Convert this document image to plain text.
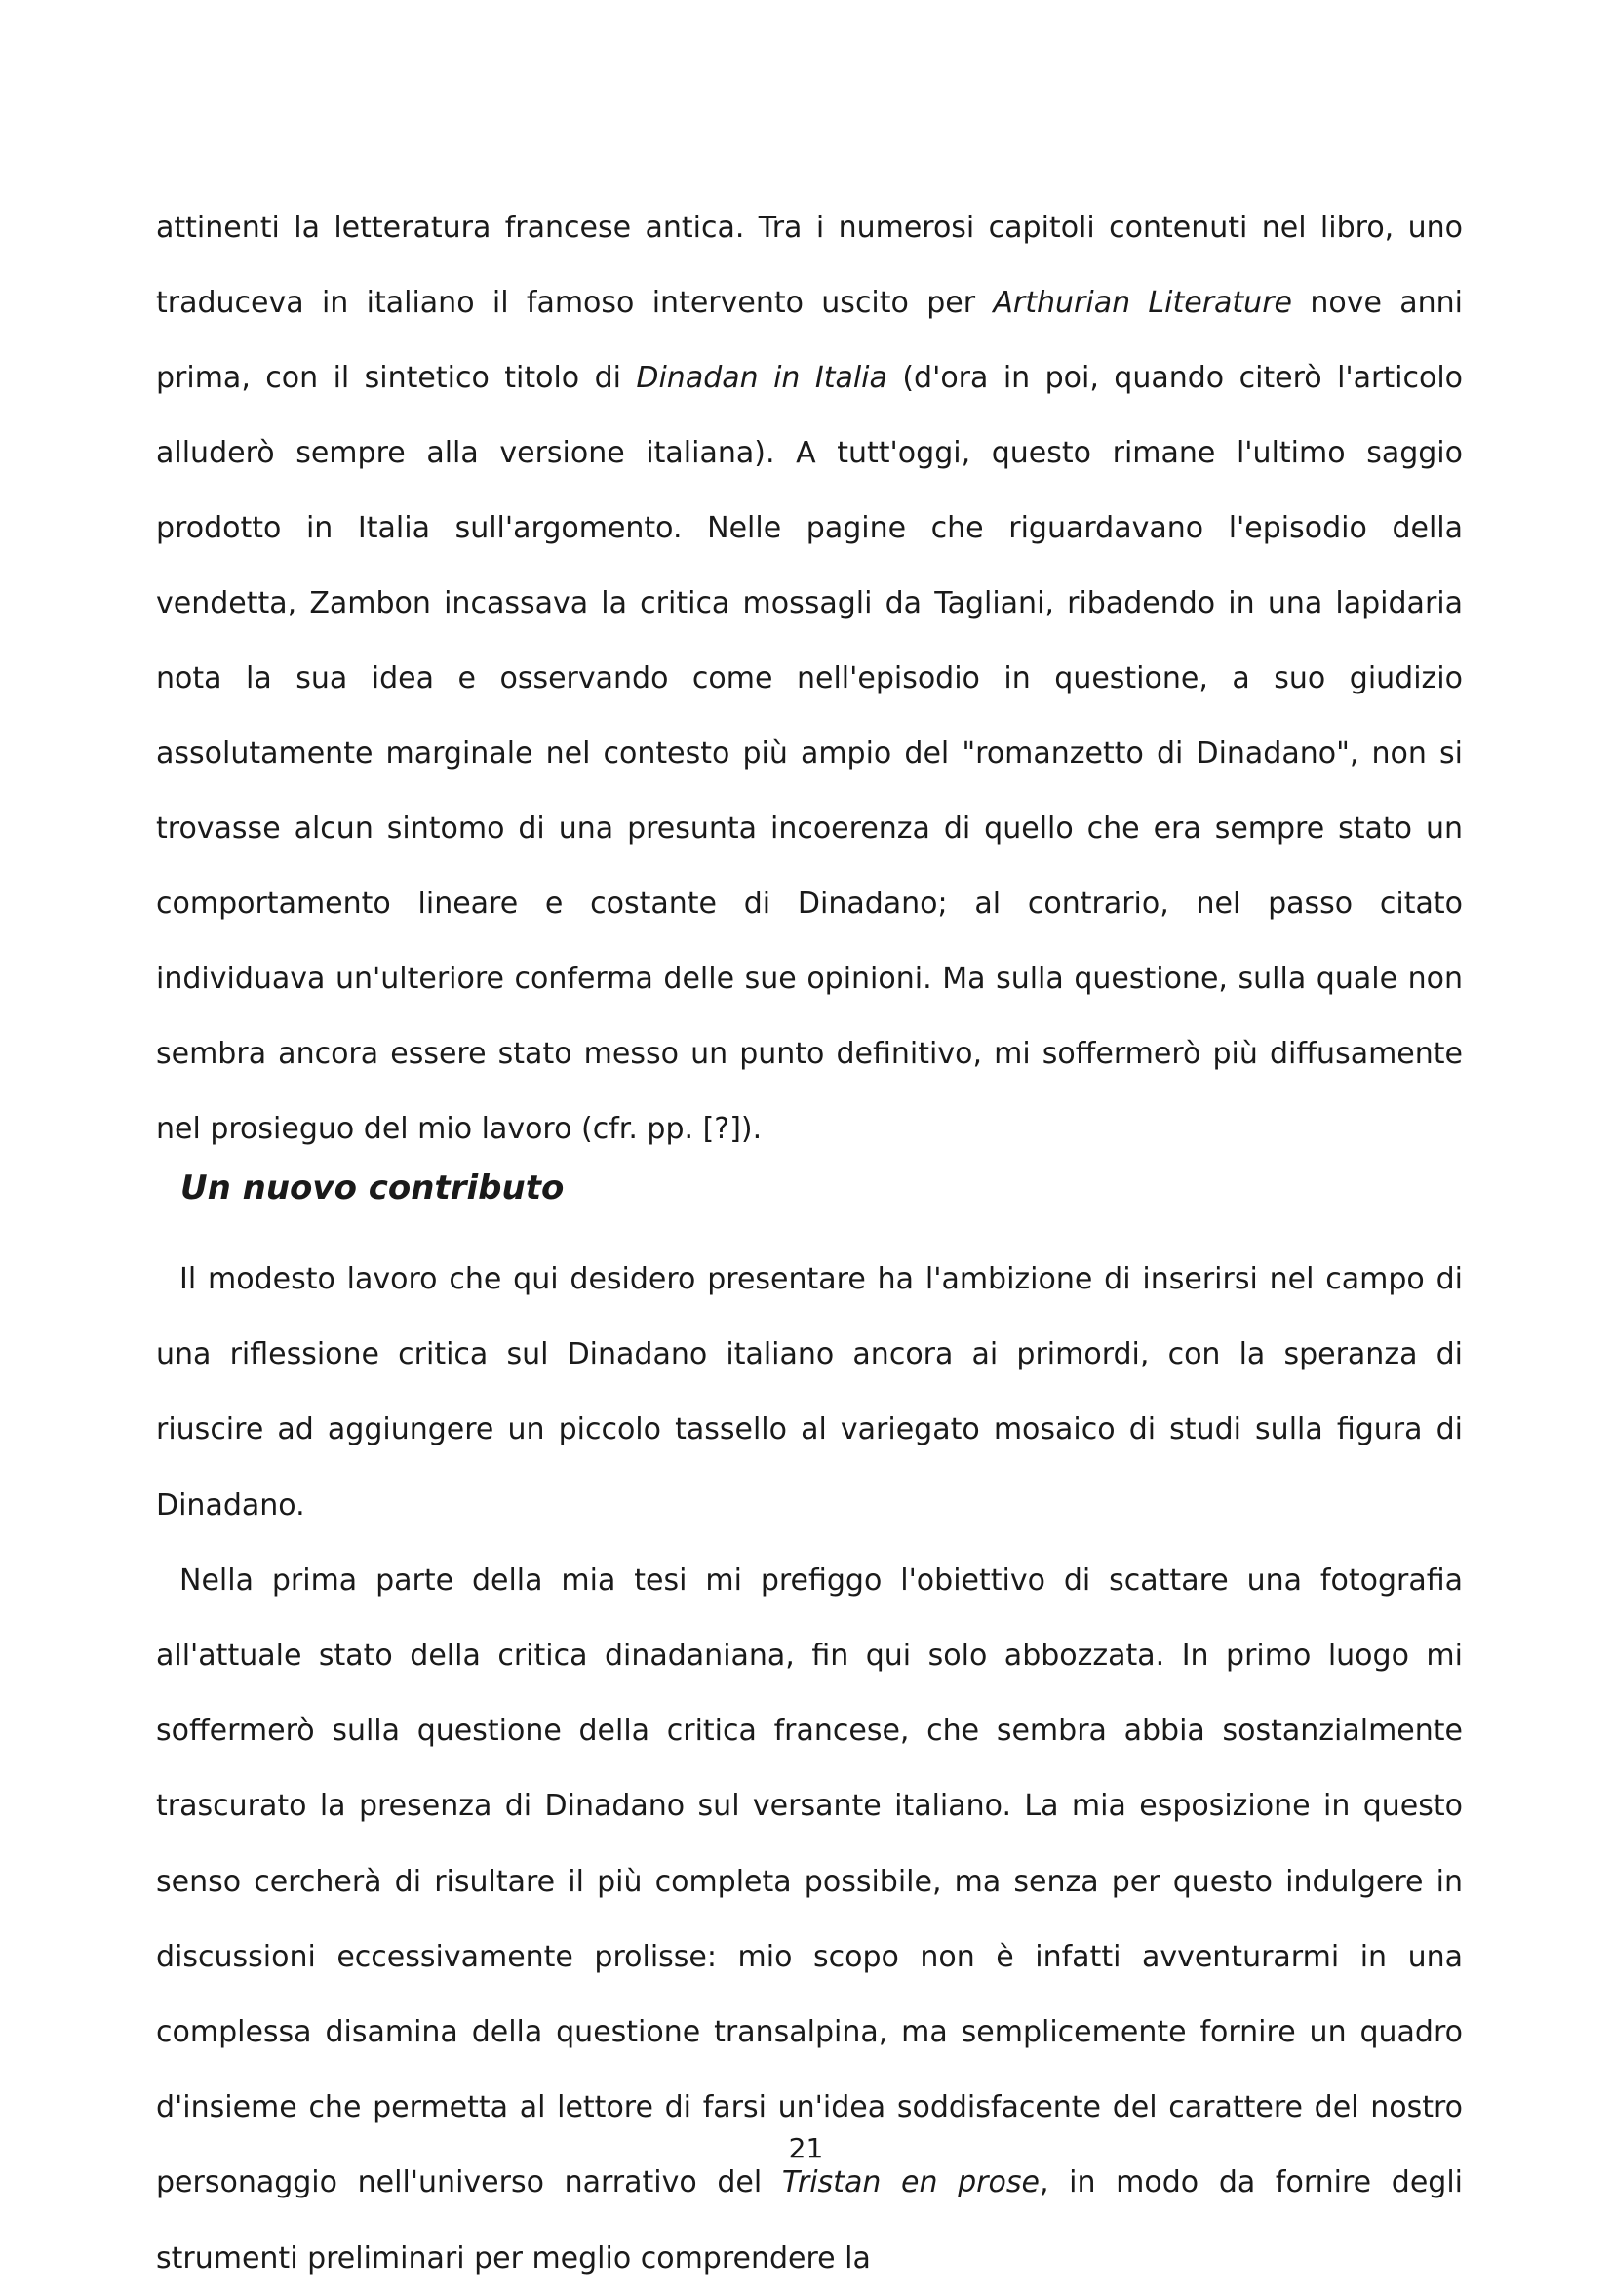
attinenti la letteratura francese antica. Tra i numerosi capitoli contenuti nel libro, uno traduceva in italiano il famoso intervento uscito per Arthurian Literature nove anni prima, con il sintetico titolo di Dinadan in Italia (d'ora in poi, quando citerò l'articolo alluderò sempre alla versione italiana). A tutt'oggi, questo rimane l'ultimo saggio prodotto in Italia sull'argomento. Nelle pagine che riguardavano l'episodio della vendetta, Zambon incassava la critica mossagli da Tagliani, ribadendo in una lapidaria nota la sua idea e osservando come nell'episodio in questione, a suo giudizio assolutamente marginale nel contesto più ampio del "romanzetto di Dinadano", non si trovasse alcun sintomo di una presunta incoerenza di quello che era sempre stato un comportamento lineare e costante di Dinadano; al contrario, nel passo citato individuava un'ulteriore conferma delle sue opinioni. Ma sulla questione, sulla quale non sembra ancora essere stato messo un punto definitivo, mi soffermerò più diffusamente nel prosieguo del mio lavoro (cfr. pp. [?]).

Un nuovo contributo

Il modesto lavoro che qui desidero presentare ha l'ambizione di inserirsi nel campo di una riflessione critica sul Dinadano italiano ancora ai primordi, con la speranza di riuscire ad aggiungere un piccolo tassello al variegato mosaico di studi sulla figura di Dinadano.

Nella prima parte della mia tesi mi prefiggo l'obiettivo di scattare una fotografia all'attuale stato della critica dinadaniana, fin qui solo abbozzata. In primo luogo mi soffermerò sulla questione della critica francese, che sembra abbia sostanzialmente trascurato la presenza di Dinadano sul versante italiano. La mia esposizione in questo senso cercherà di risultare il più completa possibile, ma senza per questo indulgere in discussioni eccessivamente prolisse: mio scopo non è infatti avventurarmi in una complessa disamina della questione transalpina, ma semplicemente fornire un quadro d'insieme che permetta al lettore di farsi un'idea soddisfacente del carattere del nostro personaggio nell'universo narrativo del Tristan en prose, in modo da fornire degli strumenti preliminari per meglio comprendere la

21
